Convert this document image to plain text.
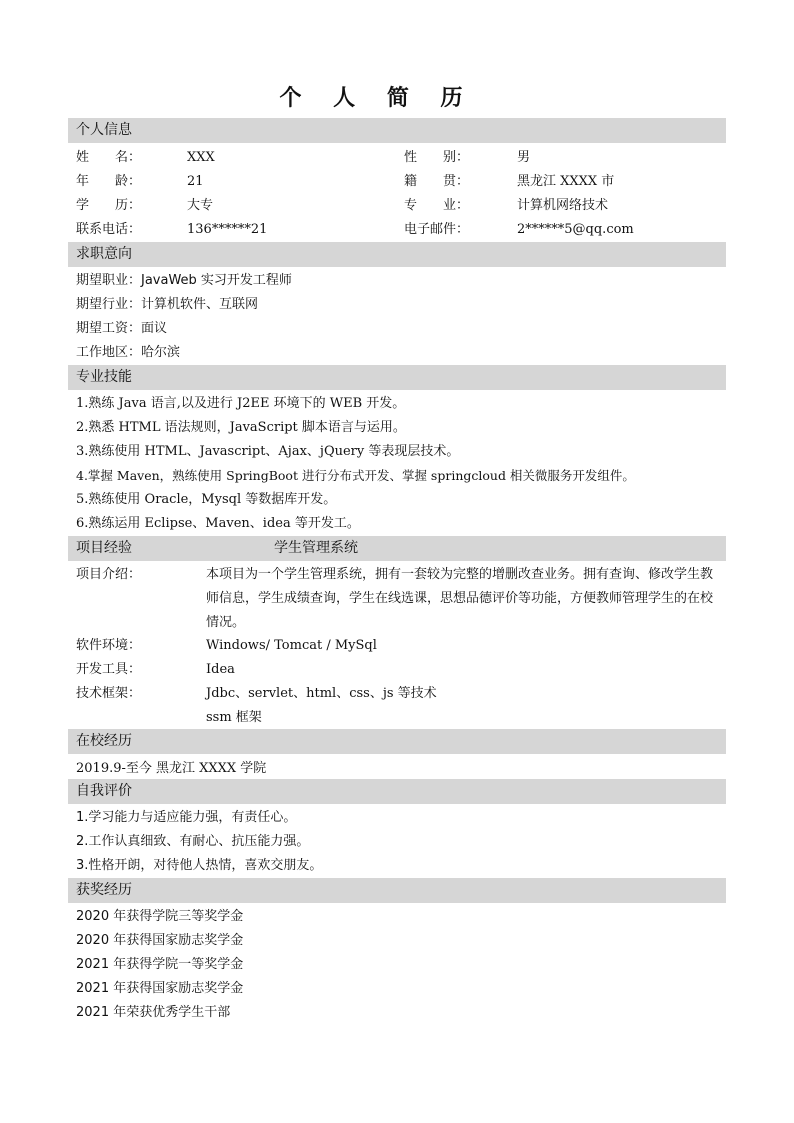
个 人 简 历
个人信息
姓　　名：	XXX	性　　别：	男
年　　龄：	21	籍　　贯：	黑龙江 XXXX 市
学　　历：	大专	专　　业：	计算机网络技术
联系电话：	136******21	电子邮件：	2******5@qq.com
求职意向
期望职业：JavaWeb 实习开发工程师
期望行业：计算机软件、互联网
期望工资：面议
工作地区：哈尔滨
专业技能
1.熟练 Java 语言,以及进行 J2EE 环境下的 WEB 开发。
2.熟悉 HTML 语法规则，JavaScript 脚本语言与运用。
3.熟练使用 HTML、Javascript、Ajax、jQuery 等表现层技术。
4.掌握 Maven，熟练使用 SpringBoot 进行分布式开发、掌握 springcloud 相关微服务开发组件。
5.熟练使用 Oracle，Mysql 等数据库开发。
6.熟练运用 Eclipse、Maven、idea 等开发工。
项目经验	学生管理系统
项目介绍：	本项目为一个学生管理系统，拥有一套较为完整的增删改查业务。拥有查询、修改学生教师信息，学生成绩查询，学生在线选课，思想品德评价等功能，方便教师管理学生的在校情况。
软件环境：	Windows/ Tomcat / MySql
开发工具：	Idea
技术框架：	Jdbc、servlet、html、css、js 等技术
ssm 框架
在校经历
2019.9-至今 黑龙江 XXXX 学院
自我评价
1.学习能力与适应能力强，有责任心。
2.工作认真细致、有耐心、抗压能力强。
3.性格开朗，对待他人热情，喜欢交朋友。
获奖经历
2020 年获得学院三等奖学金
2020 年获得国家励志奖学金
2021 年获得学院一等奖学金
2021 年获得国家励志奖学金
2021 年荣获优秀学生干部
